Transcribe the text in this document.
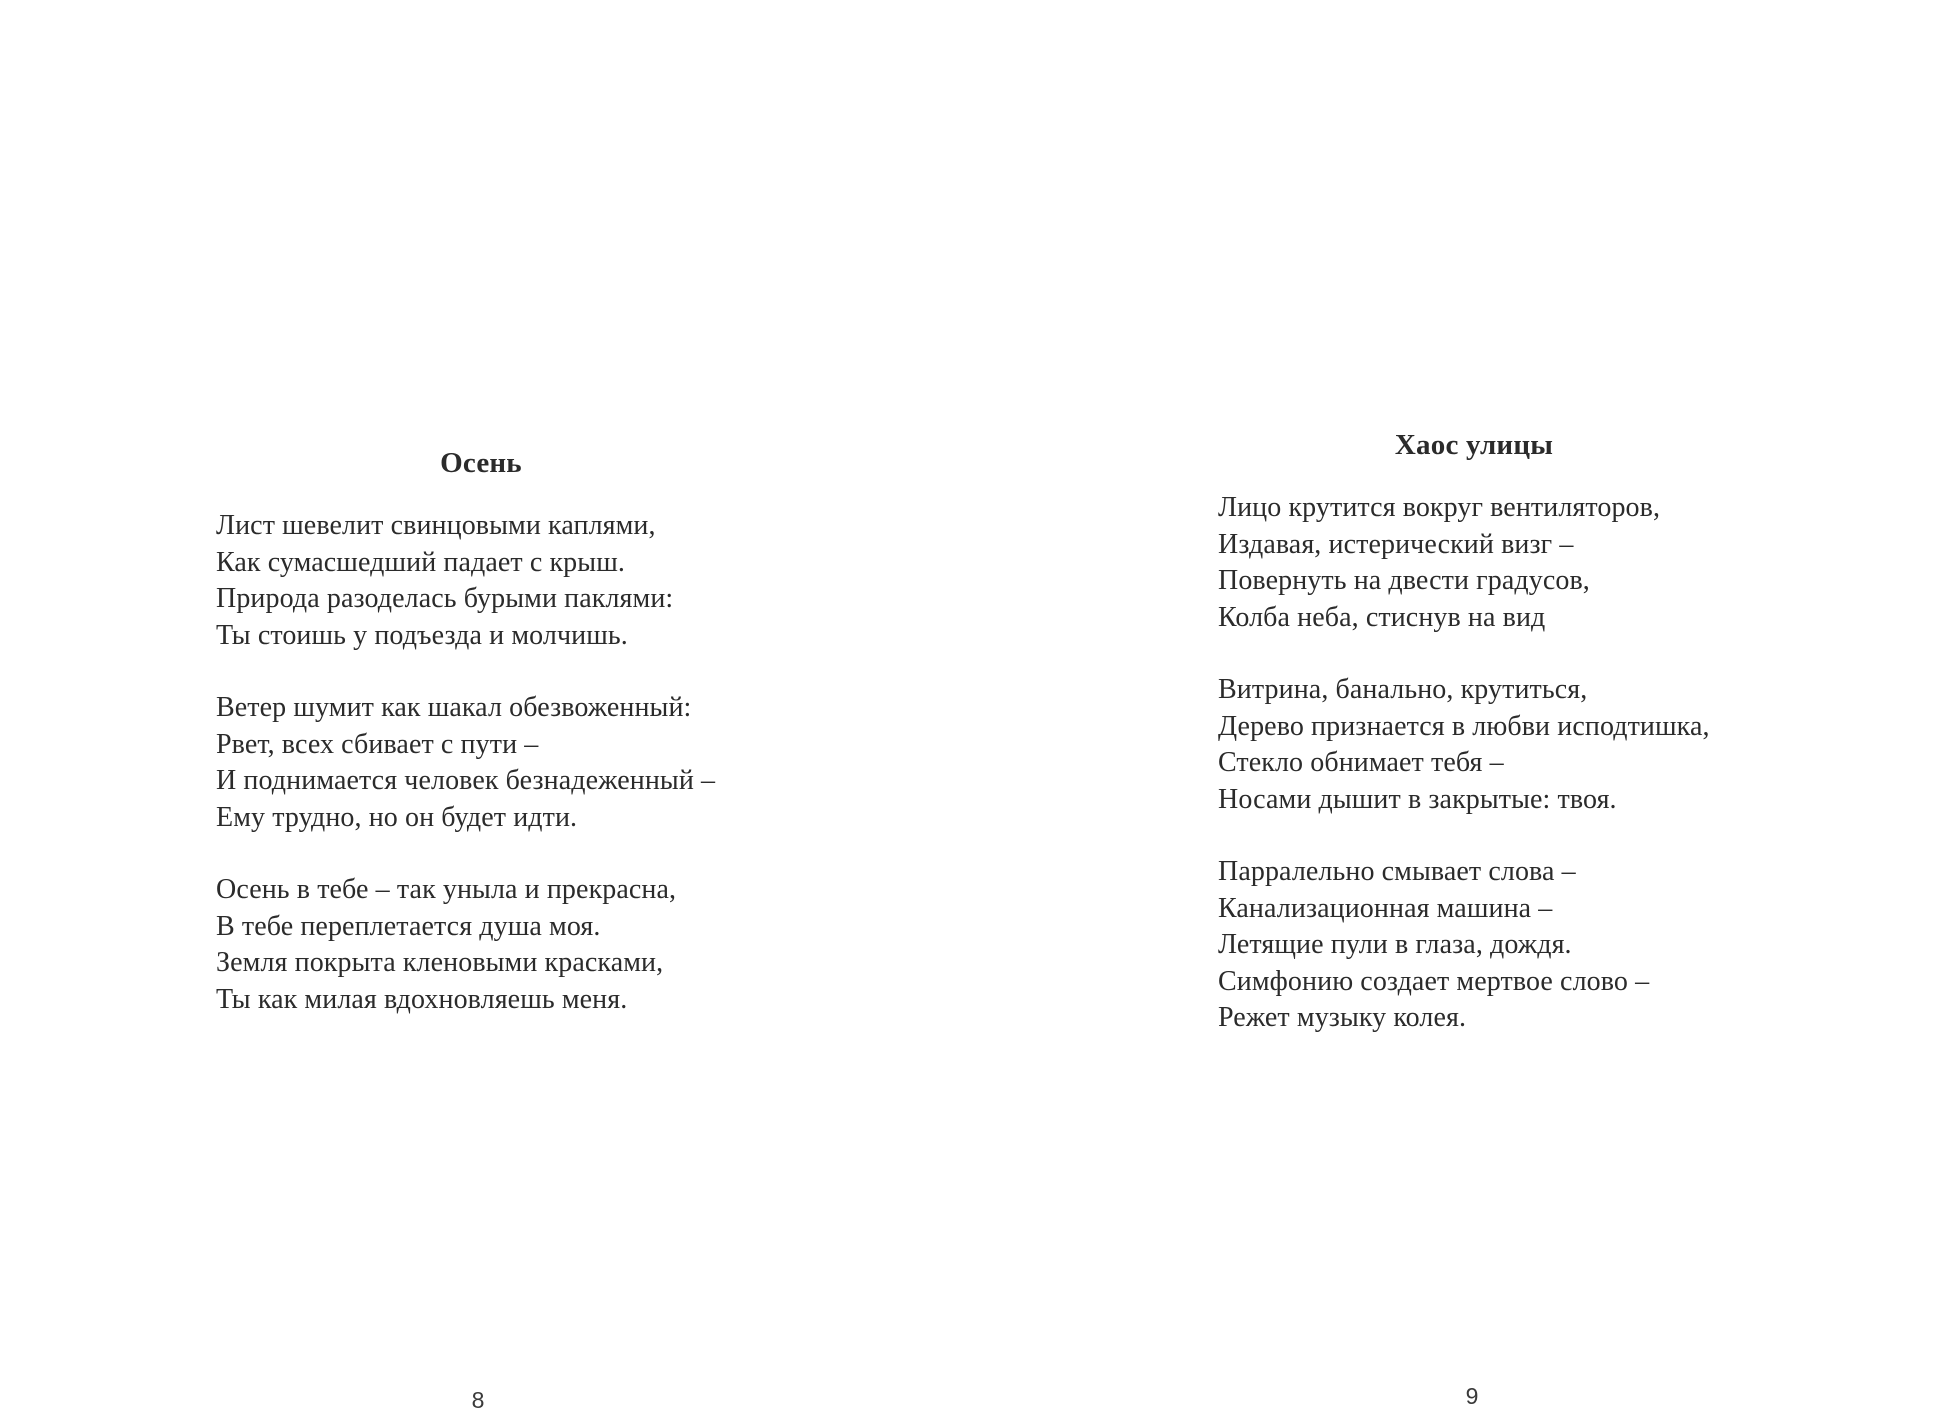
Осень

Лист шевелит свинцовыми каплями,
Как сумасшедший падает с крыш.
Природа разоделась бурыми паклями:
Ты стоишь у подъезда и молчишь.

Ветер шумит как шакал обезвоженный:
Рвет, всех сбивает с пути –
И поднимается человек безнадеженный –
Ему трудно, но он будет идти.

Осень в тебе – так уныла и прекрасна,
В тебе переплетается душа моя.
Земля покрыта кленовыми красками,
Ты как милая вдохновляешь меня.

8
Хаос улицы

Лицо крутится вокруг вентиляторов,
Издавая, истерический визг –
Повернуть на двести градусов,
Колба неба, стиснув на вид

Витрина, банально, крутиться,
Дерево признается в любви исподтишка,
Стекло обнимает тебя –
Носами дышит в закрытые: твоя.

Парралельно смывает слова –
Канализационная машина –
Летящие пули в глаза, дождя.
Симфонию создает мертвое слово –
Режет музыку колея.

9
